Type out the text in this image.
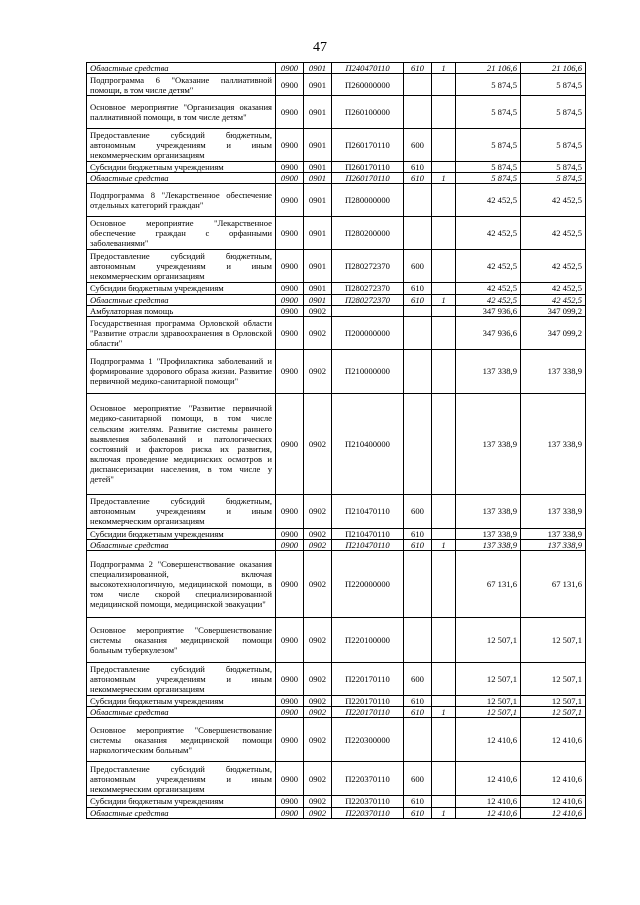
47
Областные средства	0900	0901	П240470110	610	1	21 106,6	21 106,6
Подпрограмма 6 "Оказание паллиативной помощи, в том числе детям"	0900	0901	П260000000			5 874,5	5 874,5
Основное мероприятие "Организация оказания паллиативной помощи, в том числе детям"	0900	0901	П260100000			5 874,5	5 874,5
Предоставление субсидий бюджетным, автономным учреждениям и иным некоммерческим организациям	0900	0901	П260170110	600		5 874,5	5 874,5
Субсидии бюджетным учреждениям	0900	0901	П260170110	610		5 874,5	5 874,5
Областные средства	0900	0901	П260170110	610	1	5 874,5	5 874,5
Подпрограмма 8 "Лекарственное обеспечение отдельных категорий граждан"	0900	0901	П280000000			42 452,5	42 452,5
Основное мероприятие "Лекарственное обеспечение граждан с орфанными заболеваниями"	0900	0901	П280200000			42 452,5	42 452,5
Предоставление субсидий бюджетным, автономным учреждениям и иным некоммерческим организациям	0900	0901	П280272370	600		42 452,5	42 452,5
Субсидии бюджетным учреждениям	0900	0901	П280272370	610		42 452,5	42 452,5
Областные средства	0900	0901	П280272370	610	1	42 452,5	42 452,5
Амбулаторная помощь	0900	0902				347 936,6	347 099,2
Государственная программа Орловской области "Развитие отрасли здравоохранения в Орловской области"	0900	0902	П200000000			347 936,6	347 099,2
Подпрограмма 1 "Профилактика заболеваний и формирование здорового образа жизни. Развитие первичной медико-санитарной помощи"	0900	0902	П210000000			137 338,9	137 338,9
Основное мероприятие "Развитие первичной медико-санитарной помощи, в том числе сельским жителям. Развитие системы раннего выявления заболеваний и патологических состояний и факторов риска их развития, включая проведение медицинских осмотров и диспансеризации населения, в том числе у детей"	0900	0902	П210400000			137 338,9	137 338,9
Предоставление субсидий бюджетным, автономным учреждениям и иным некоммерческим организациям	0900	0902	П210470110	600		137 338,9	137 338,9
Субсидии бюджетным учреждениям	0900	0902	П210470110	610		137 338,9	137 338,9
Областные средства	0900	0902	П210470110	610	1	137 338,9	137 338,9
Подпрограмма 2 "Совершенствование оказания специализированной, включая высокотехнологичную, медицинской помощи, в том числе скорой специализированной медицинской помощи, медицинской эвакуации"	0900	0902	П220000000			67 131,6	67 131,6
Основное мероприятие "Совершенствование системы оказания медицинской помощи больным туберкулезом"	0900	0902	П220100000			12 507,1	12 507,1
Предоставление субсидий бюджетным, автономным учреждениям и иным некоммерческим организациям	0900	0902	П220170110	600		12 507,1	12 507,1
Субсидии бюджетным учреждениям	0900	0902	П220170110	610		12 507,1	12 507,1
Областные средства	0900	0902	П220170110	610	1	12 507,1	12 507,1
Основное мероприятие "Совершенствование системы оказания медицинской помощи наркологическим больным"	0900	0902	П220300000			12 410,6	12 410,6
Предоставление субсидий бюджетным, автономным учреждениям и иным некоммерческим организациям	0900	0902	П220370110	600		12 410,6	12 410,6
Субсидии бюджетным учреждениям	0900	0902	П220370110	610		12 410,6	12 410,6
Областные средства	0900	0902	П220370110	610	1	12 410,6	12 410,6
